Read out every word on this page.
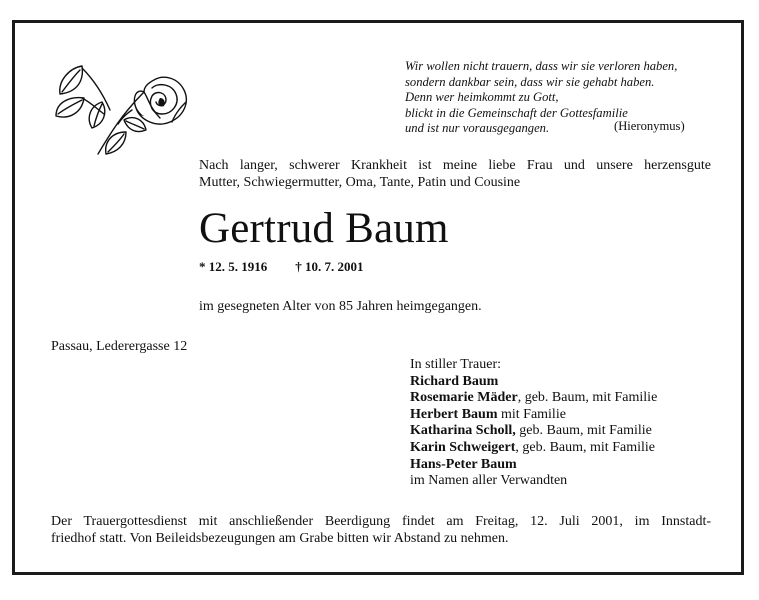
Wir wollen nicht trauern, dass wir sie verloren haben,
sondern dankbar sein, dass wir sie gehabt haben.
Denn wer heimkommt zu Gott,
blickt in die Gemeinschaft der Gottesfamilie
und ist nur vorausgegangen.	(Hieronymus)
Nach langer, schwerer Krankheit ist meine liebe Frau und unsere herzensgute
Mutter, Schwiegermutter, Oma, Tante, Patin und Cousine
Gertrud Baum
* 12. 5. 1916 † 10. 7. 2001
im gesegneten Alter von 85 Jahren heimgegangen.
Passau, Lederergasse 12
In stiller Trauer:
Richard Baum
Rosemarie Mäder, geb. Baum, mit Familie
Herbert Baum mit Familie
Katharina Scholl, geb. Baum, mit Familie
Karin Schweigert, geb. Baum, mit Familie
Hans-Peter Baum
im Namen aller Verwandten
Der Trauergottesdienst mit anschließender Beerdigung findet am Freitag, 12. Juli 2001, im Innstadt-
friedhof statt. Von Beileidsbezeugungen am Grabe bitten wir Abstand zu nehmen.
